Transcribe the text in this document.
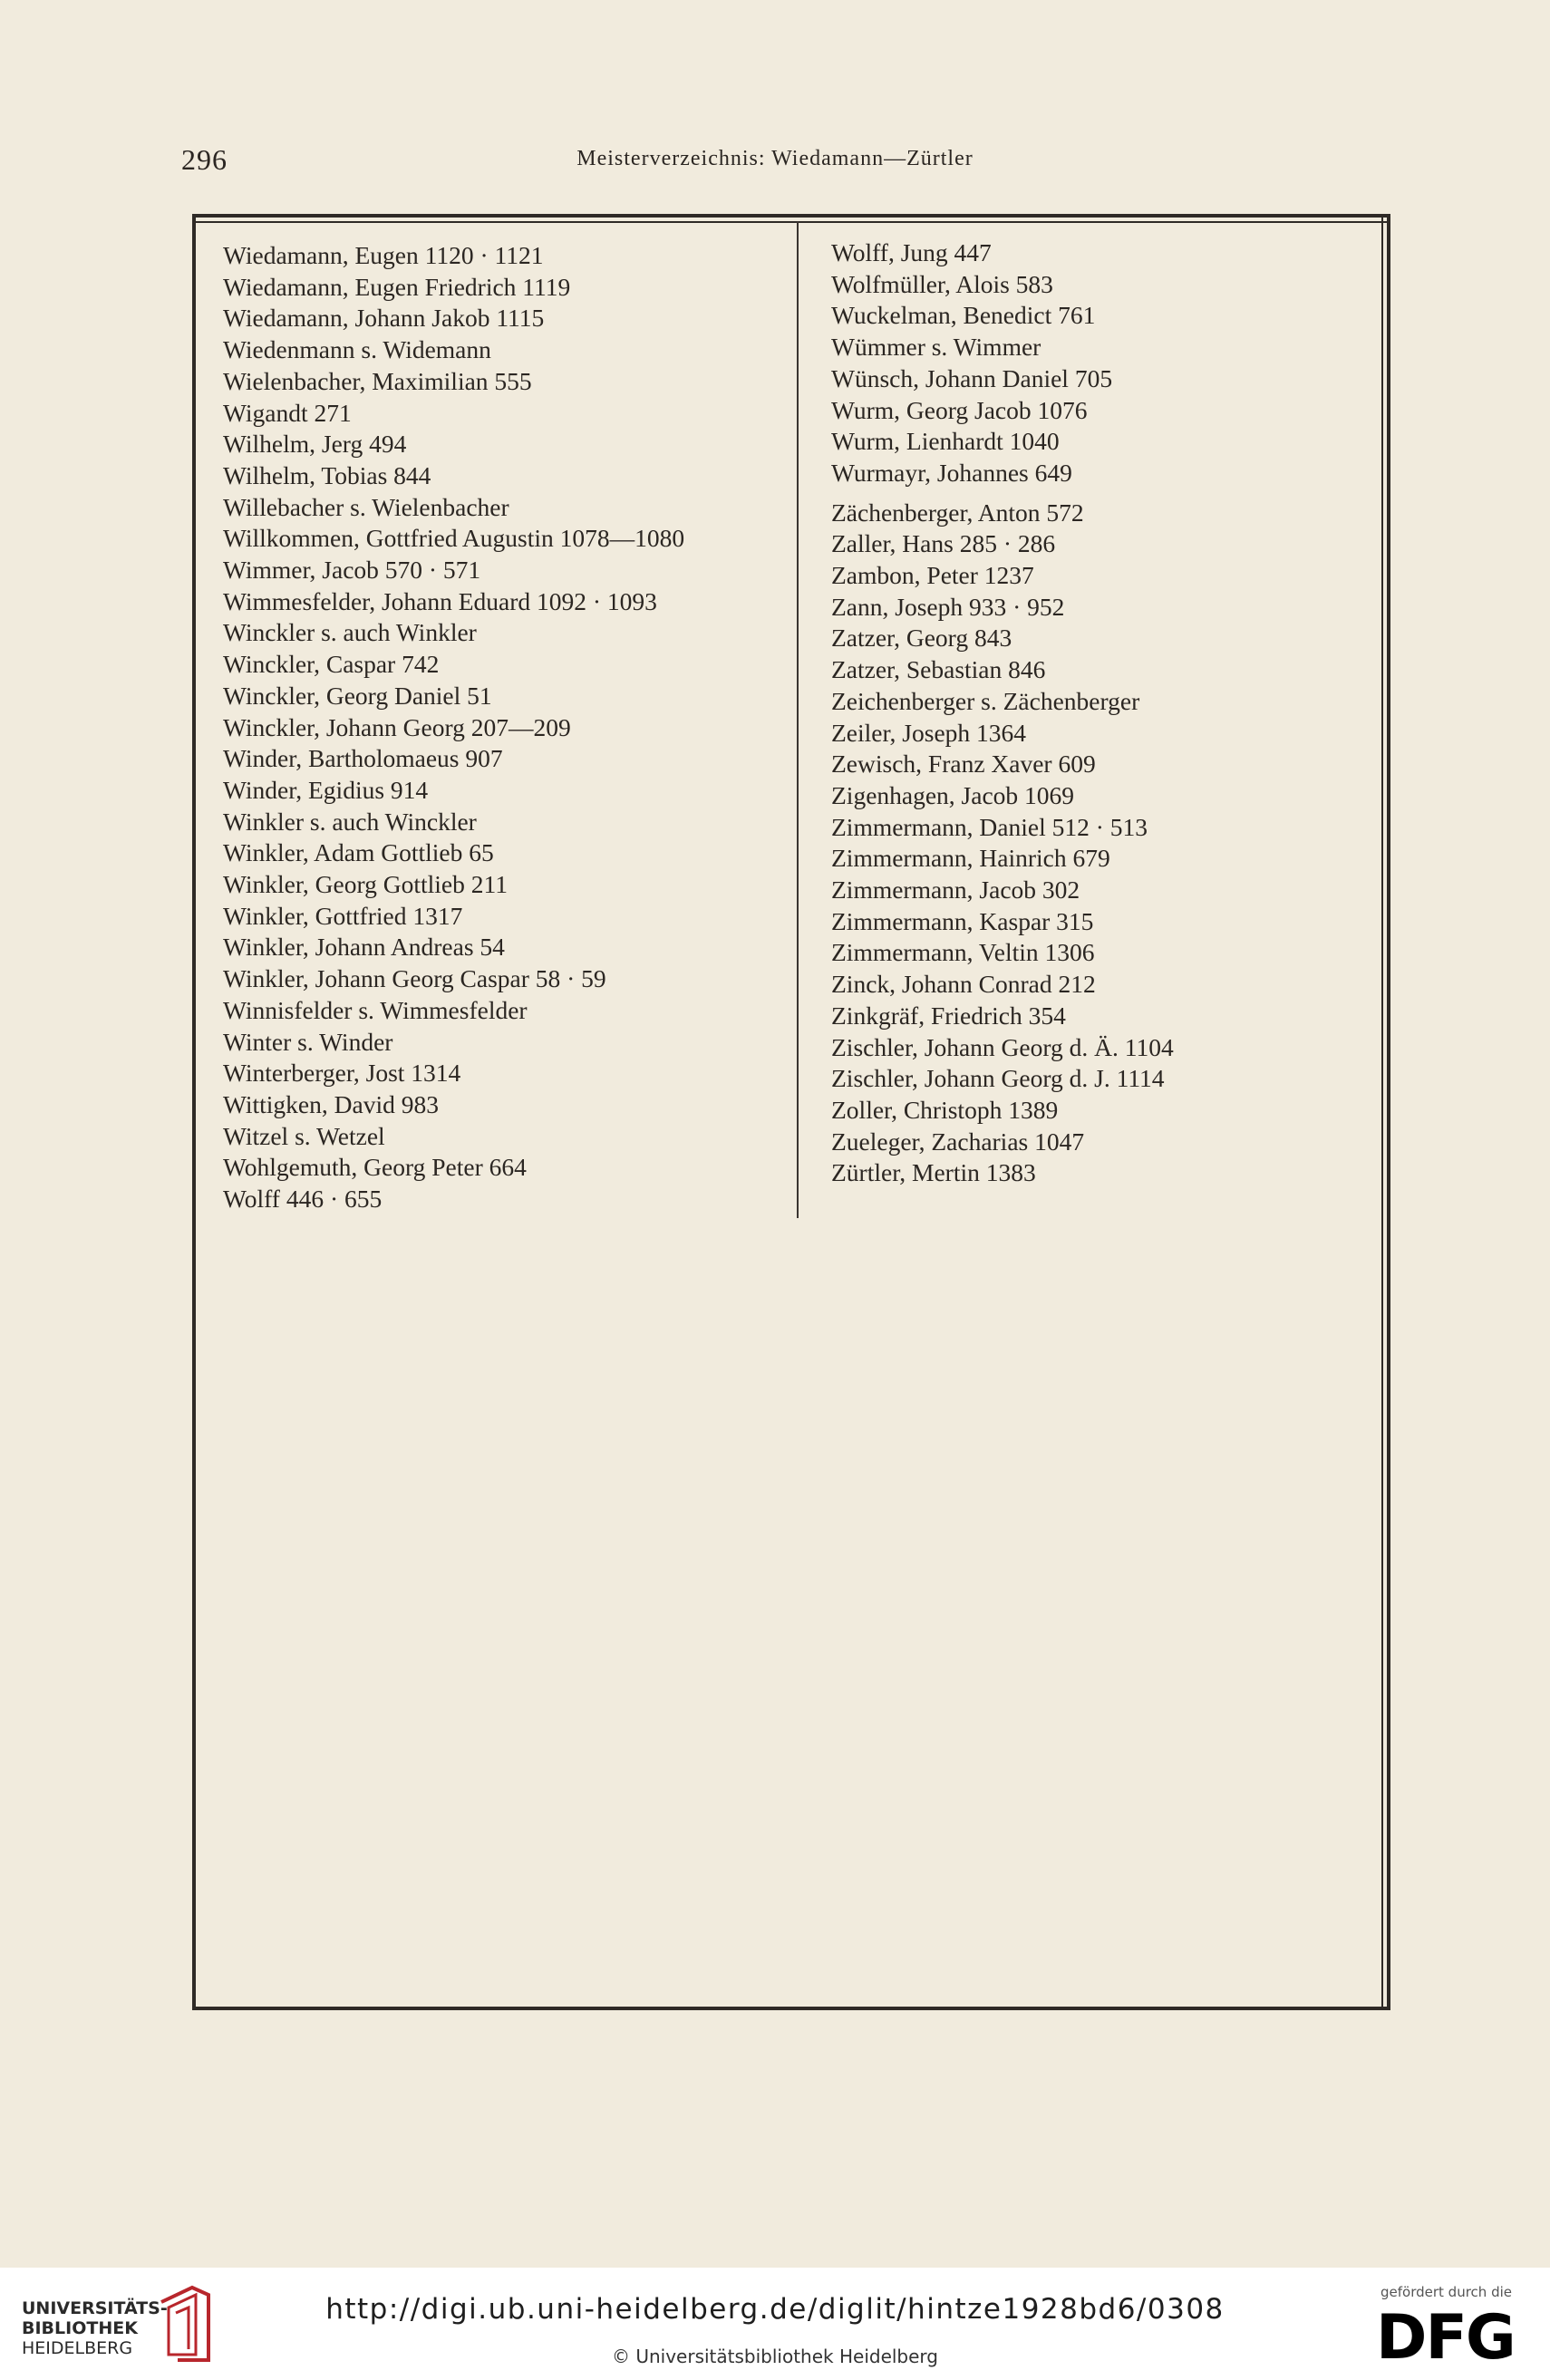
296	Meisterverzeichnis: Wiedamann—Zürtler
Wiedamann, Eugen 1120 · 1121
Wiedamann, Eugen Friedrich 1119
Wiedamann, Johann Jakob 1115
Wiedenmann s. Widemann
Wielenbacher, Maximilian 555
Wigandt 271
Wilhelm, Jerg 494
Wilhelm, Tobias 844
Willebacher s. Wielenbacher
Willkommen, Gottfried Augustin 1078—1080
Wimmer, Jacob 570 · 571
Wimmesfelder, Johann Eduard 1092 · 1093
Winckler s. auch Winkler
Winckler, Caspar 742
Winckler, Georg Daniel 51
Winckler, Johann Georg 207—209
Winder, Bartholomaeus 907
Winder, Egidius 914
Winkler s. auch Winckler
Winkler, Adam Gottlieb 65
Winkler, Georg Gottlieb 211
Winkler, Gottfried 1317
Winkler, Johann Andreas 54
Winkler, Johann Georg Caspar 58 · 59
Winnisfelder s. Wimmesfelder
Winter s. Winder
Winterberger, Jost 1314
Wittigken, David 983
Witzel s. Wetzel
Wohlgemuth, Georg Peter 664
Wolff 446 · 655
Wolff, Jung 447
Wolfmüller, Alois 583
Wuckelman, Benedict 761
Wümmer s. Wimmer
Wünsch, Johann Daniel 705
Wurm, Georg Jacob 1076
Wurm, Lienhardt 1040
Wurmayr, Johannes 649
Zächenberger, Anton 572
Zaller, Hans 285 · 286
Zambon, Peter 1237
Zann, Joseph 933 · 952
Zatzer, Georg 843
Zatzer, Sebastian 846
Zeichenberger s. Zächenberger
Zeiler, Joseph 1364
Zewisch, Franz Xaver 609
Zigenhagen, Jacob 1069
Zimmermann, Daniel 512 · 513
Zimmermann, Hainrich 679
Zimmermann, Jacob 302
Zimmermann, Kaspar 315
Zimmermann, Veltin 1306
Zinck, Johann Conrad 212
Zinkgräf, Friedrich 354
Zischler, Johann Georg d. Ä. 1104
Zischler, Johann Georg d. J. 1114
Zoller, Christoph 1389
Zueleger, Zacharias 1047
Zürtler, Mertin 1383
UNIVERSITÄTS-
BIBLIOTHEK
HEIDELBERG
http://digi.ub.uni-heidelberg.de/diglit/hintze1928bd6/0308
© Universitätsbibliothek Heidelberg
gefördert durch die
DFG
